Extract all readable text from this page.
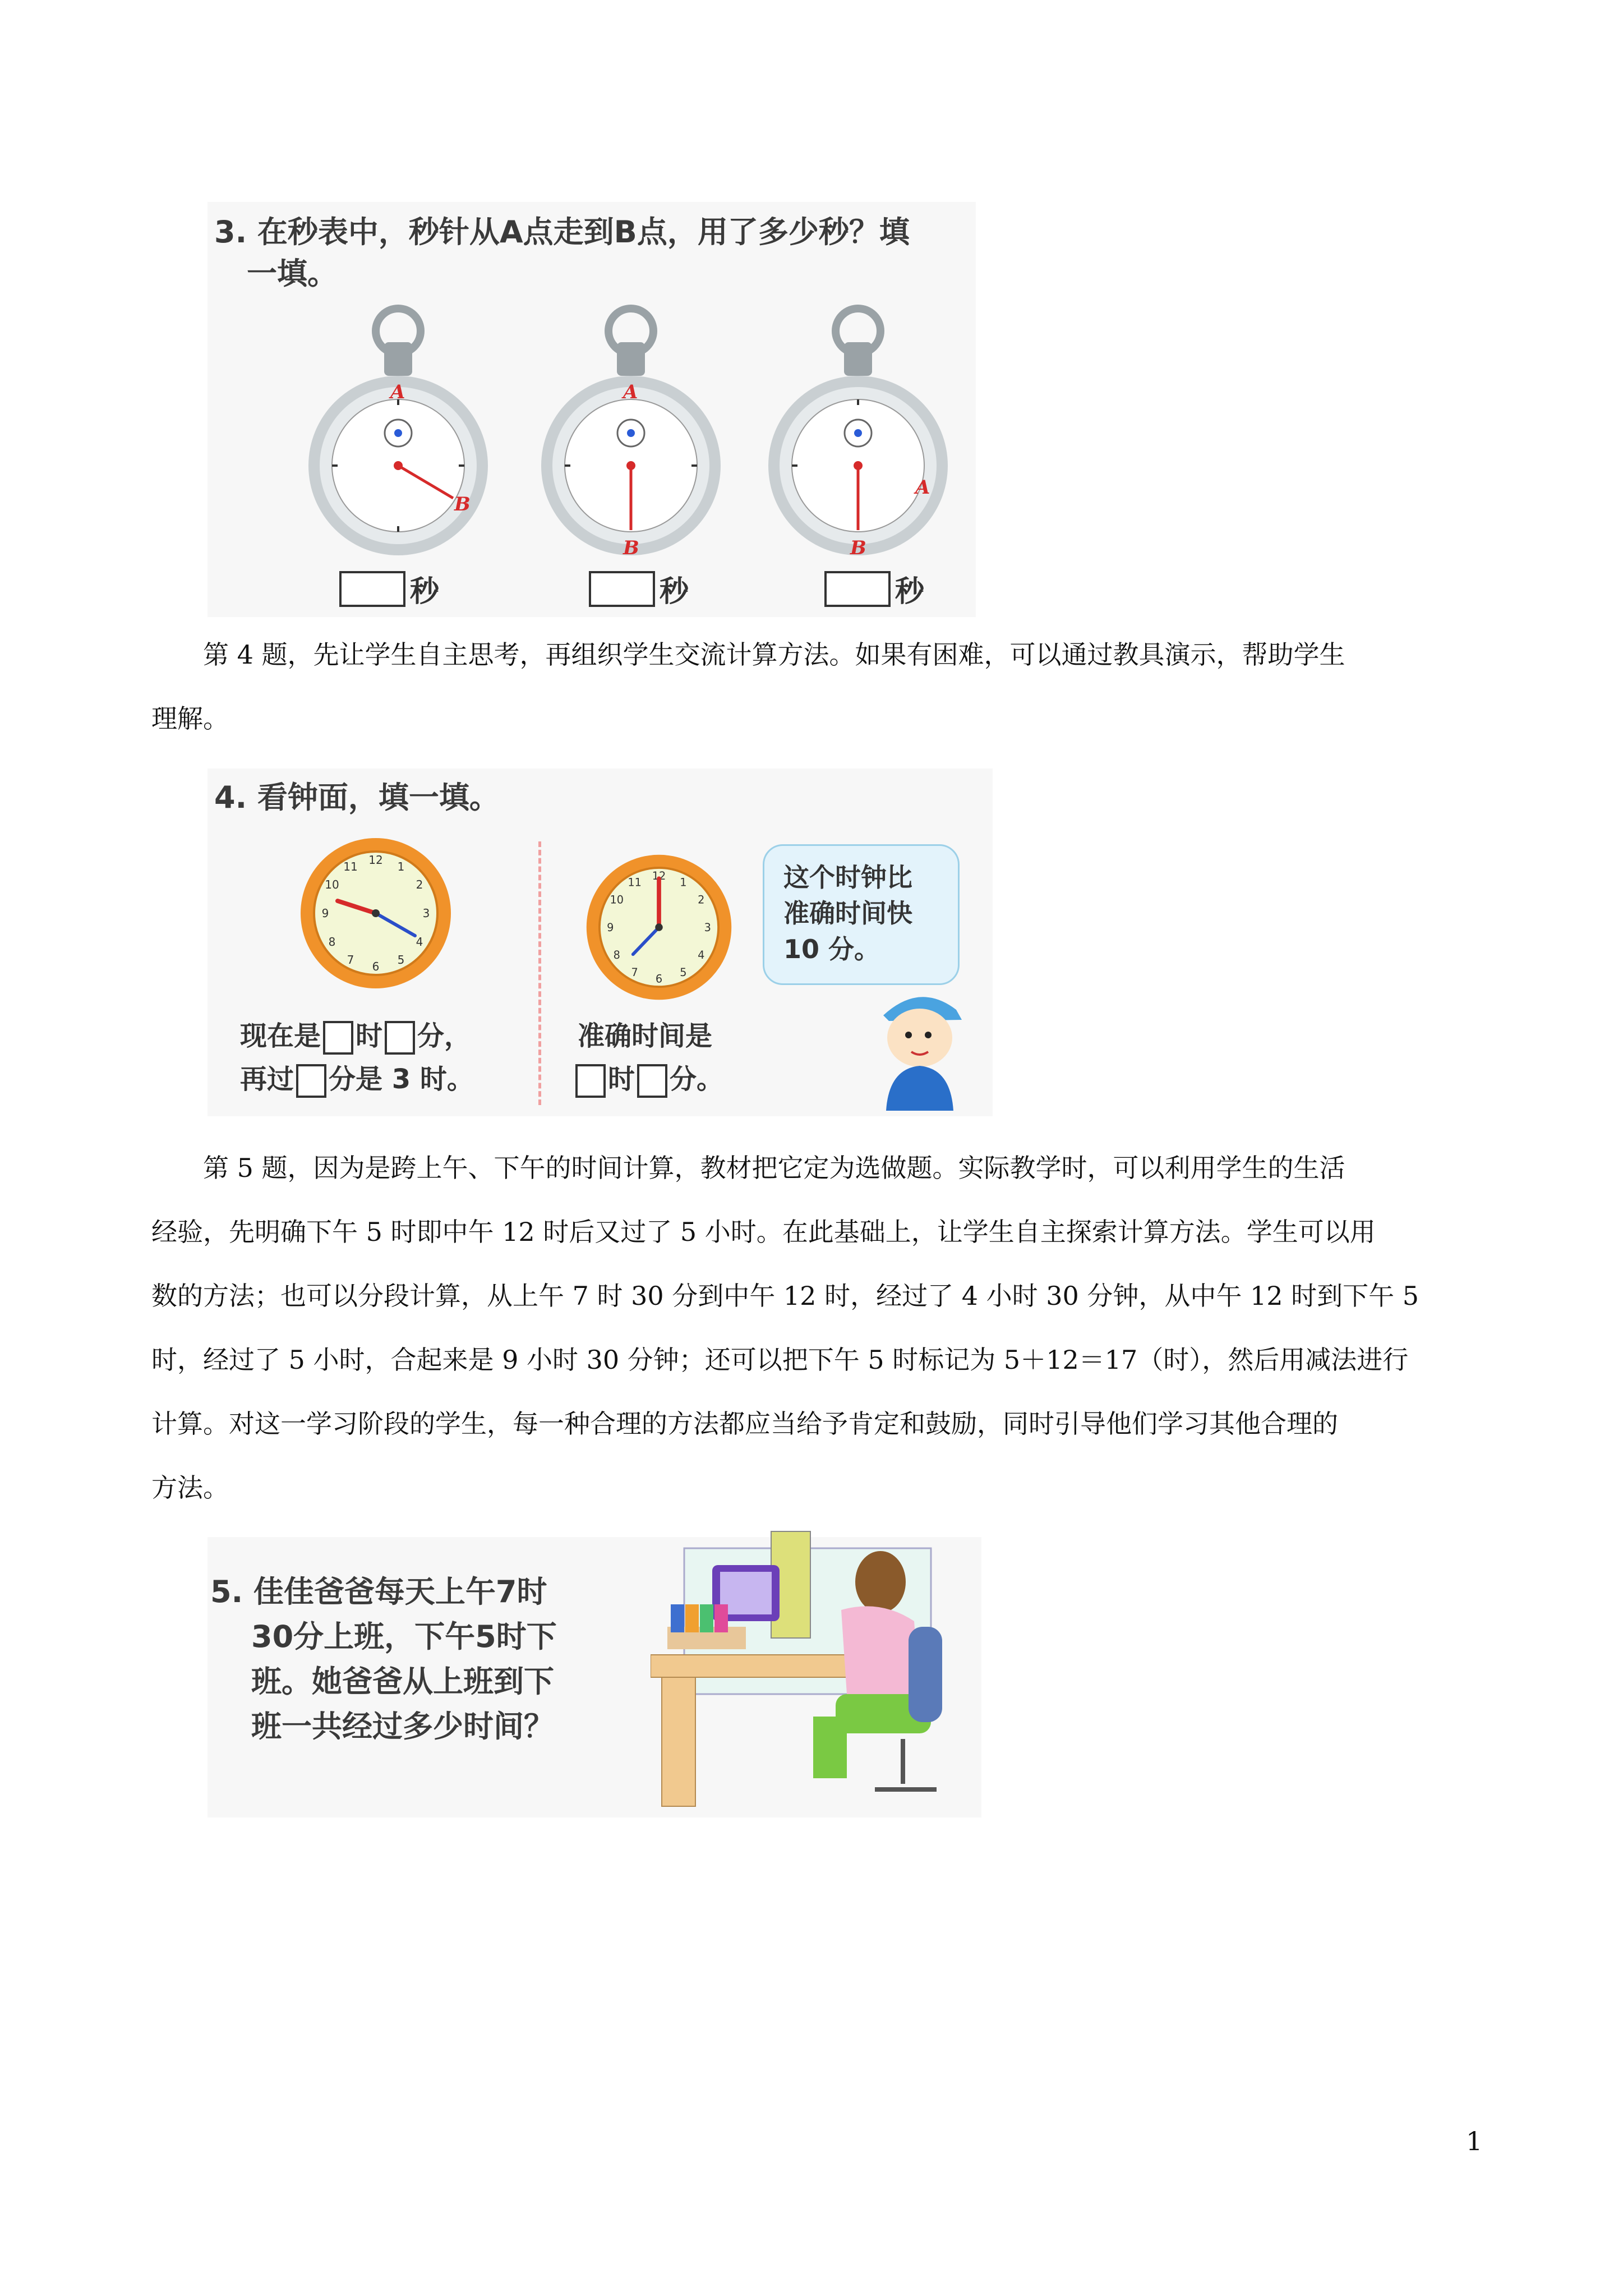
3. 在秒表中，秒针从A点走到B点，用了多少秒？填
一填。
A
B
A
B
A
B
秒	秒	秒
第 4 题，先让学生自主思考，再组织学生交流计算方法。如果有困难，可以通过教具演示，帮助学生
理解。
4. 看钟面，填一填。
12 1
2
3
4
5
6
7
8
9
10
11
12
1
2
3
4
5
6
7
8
9
10
11	这个时钟比
准确时间快
10 分。
现在是 时 分，
再过 分是 3 时。
准确时间是
时 分。
第 5 题，因为是跨上午、下午的时间计算，教材把它定为选做题。实际教学时，可以利用学生的生活
经验，先明确下午 5 时即中午 12 时后又过了 5 小时。在此基础上，让学生自主探索计算方法。学生可以用
数的方法；也可以分段计算，从上午 7 时 30 分到中午 12 时，经过了 4 小时 30 分钟，从中午 12 时到下午 5
时，经过了 5 小时，合起来是 9 小时 30 分钟；还可以把下午 5 时标记为 5＋12＝17（时），然后用减法进行
计算。对这一学习阶段的学生，每一种合理的方法都应当给予肯定和鼓励，同时引导他们学习其他合理的
方法。
5. 佳佳爸爸每天上午7时
30分上班，下午5时下
班。她爸爸从上班到下
班一共经过多少时间？
1
